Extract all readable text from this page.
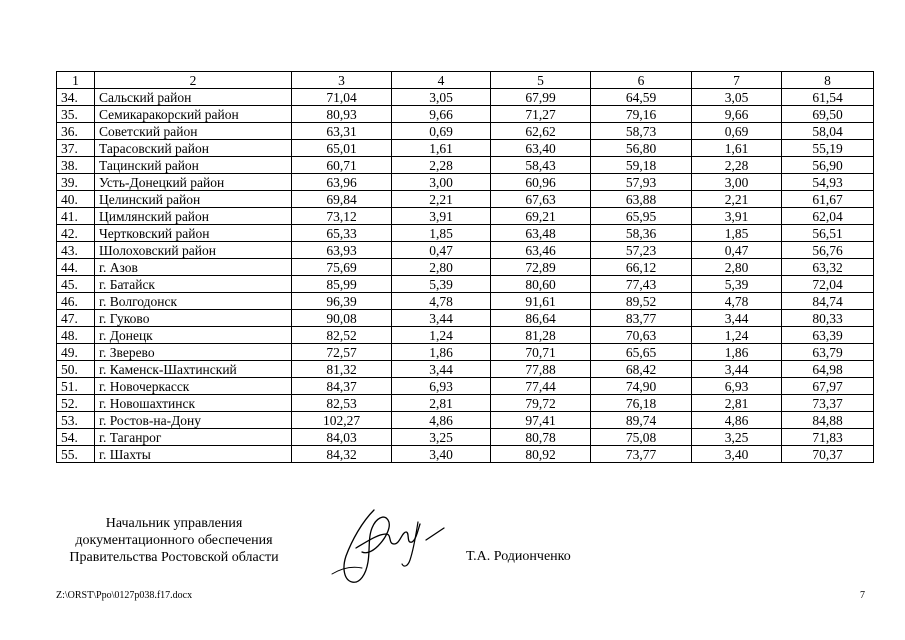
1	2	3	4	5	6	7	8
34.	Сальский район	71,04	3,05	67,99	64,59	3,05	61,54
35.	Семикаракорский район	80,93	9,66	71,27	79,16	9,66	69,50
36.	Советский район	63,31	0,69	62,62	58,73	0,69	58,04
37.	Тарасовский район	65,01	1,61	63,40	56,80	1,61	55,19
38.	Тацинский район	60,71	2,28	58,43	59,18	2,28	56,90
39.	Усть-Донецкий район	63,96	3,00	60,96	57,93	3,00	54,93
40.	Целинский район	69,84	2,21	67,63	63,88	2,21	61,67
41.	Цимлянский район	73,12	3,91	69,21	65,95	3,91	62,04
42.	Чертковский район	65,33	1,85	63,48	58,36	1,85	56,51
43.	Шолоховский район	63,93	0,47	63,46	57,23	0,47	56,76
44.	г. Азов	75,69	2,80	72,89	66,12	2,80	63,32
45.	г. Батайск	85,99	5,39	80,60	77,43	5,39	72,04
46.	г. Волгодонск	96,39	4,78	91,61	89,52	4,78	84,74
47.	г. Гуково	90,08	3,44	86,64	83,77	3,44	80,33
48.	г. Донецк	82,52	1,24	81,28	70,63	1,24	63,39
49.	г. Зверево	72,57	1,86	70,71	65,65	1,86	63,79
50.	г. Каменск-Шахтинский	81,32	3,44	77,88	68,42	3,44	64,98
51.	г. Новочеркасск	84,37	6,93	77,44	74,90	6,93	67,97
52.	г. Новошахтинск	82,53	2,81	79,72	76,18	2,81	73,37
53.	г. Ростов-на-Дону	102,27	4,86	97,41	89,74	4,86	84,88
54.	г. Таганрог	84,03	3,25	80,78	75,08	3,25	71,83
55.	г. Шахты	84,32	3,40	80,92	73,77	3,40	70,37
Начальник управления
документационного обеспечения
Правительства Ростовской области	Т.А. Родионченко
Z:\ORST\Ppo\0127p038.f17.docx	7
